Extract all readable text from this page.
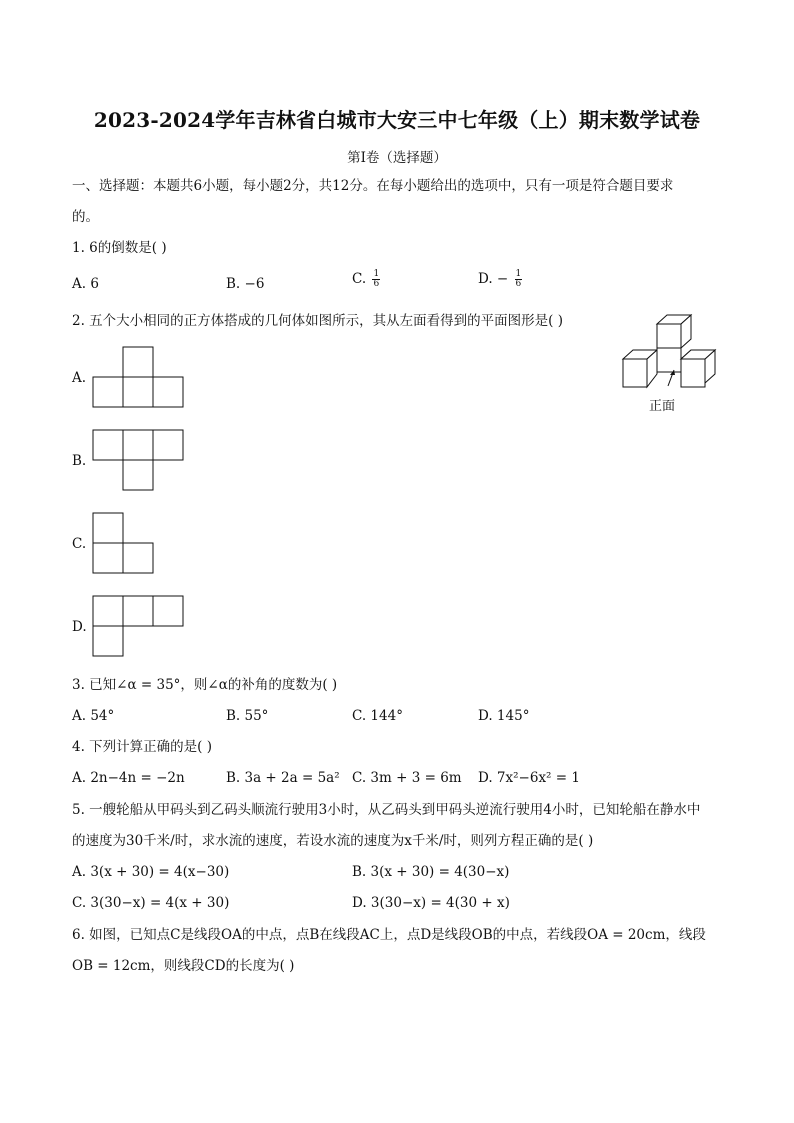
2023-2024学年吉林省白城市大安三中七年级（上）期末数学试卷
第I卷（选择题）
一、选择题：本题共6小题，每小题2分，共12分。在每小题给出的选项中，只有一项是符合题目要求
的。
1. 6的倒数是( )
A. 6	B. −6	C. $\frac{1}{6}$	D. − $\frac{1}{6}$
2. 五个大小相同的正方体搭成的几何体如图所示，其从左面看得到的平面图形是( )
正面
A.
B.
C.
D.
3. 已知∠α = 35°，则∠α的补角的度数为( )
A. 54°	B. 55°	C. 144°	D. 145°
4. 下列计算正确的是( )
A. 2n−4n = −2n	B. 3a + 2a = 5a² C. 3m + 3 = 6m D. 7x²−6x² = 1
5. 一艘轮船从甲码头到乙码头顺流行驶用3小时，从乙码头到甲码头逆流行驶用4小时，已知轮船在静水中
的速度为30千米/时，求水流的速度，若设水流的速度为x千米/时，则列方程正确的是( )
A. 3(x + 30) = 4(x−30)	B. 3(x + 30) = 4(30−x)
C. 3(30−x) = 4(x + 30)	D. 3(30−x) = 4(30 + x)
6. 如图，已知点C是线段OA的中点，点B在线段AC上，点D是线段OB的中点，若线段OA = 20cm，线段
OB = 12cm，则线段CD的长度为( )
